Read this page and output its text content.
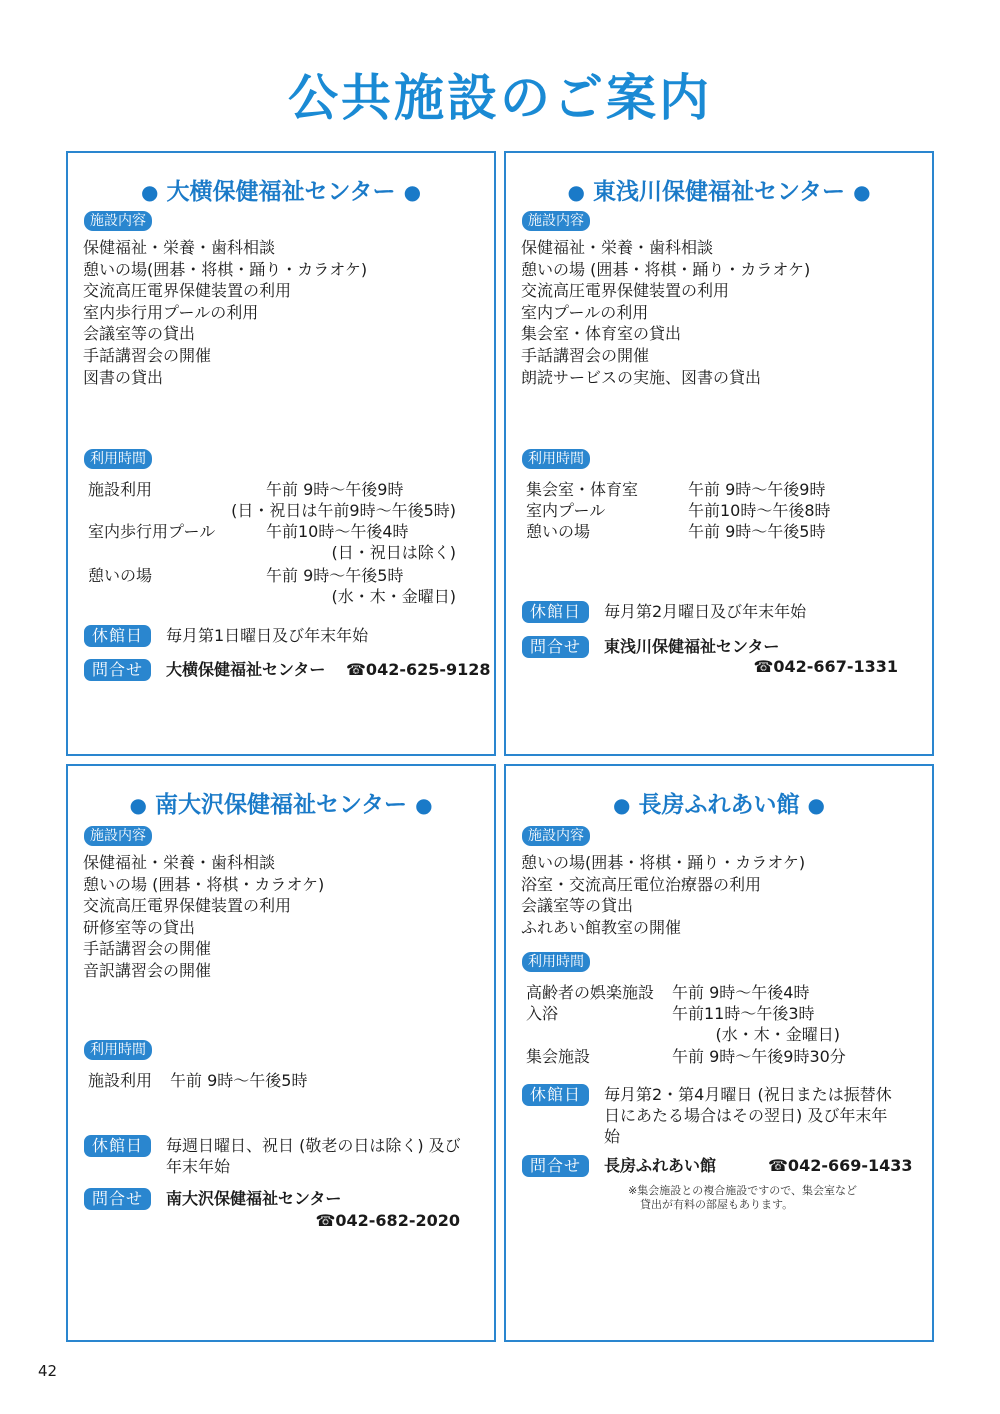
公共施設のご案内
● 大横保健福祉センター ●
施設内容
保健福祉・栄養・歯科相談
憩いの場(囲碁・将棋・踊り・カラオケ)
交流高圧電界保健装置の利用
室内歩行用プールの利用
会議室等の貸出
手話講習会の開催
図書の貸出
利用時間
施設利用	午前 9時〜午後9時
(日・祝日は午前9時〜午後5時)
室内歩行用プール	午前10時〜午後4時
(日・祝日は除く)
憩いの場	午前 9時〜午後5時
(水・木・金曜日)
休館日	毎月第1日曜日及び年末年始
問合せ	大横保健福祉センター ☎042-625-9128
● 東浅川保健福祉センター ●
施設内容
保健福祉・栄養・歯科相談
憩いの場 (囲碁・将棋・踊り・カラオケ)
交流高圧電界保健装置の利用
室内プールの利用
集会室・体育室の貸出
手話講習会の開催
朗読サービスの実施、図書の貸出
利用時間
集会室・体育室	午前 9時〜午後9時
室内プール	午前10時〜午後8時
憩いの場	午前 9時〜午後5時
休館日	毎月第2月曜日及び年末年始
問合せ	東浅川保健福祉センター
☎042-667-1331
● 南大沢保健福祉センター ●
施設内容
保健福祉・栄養・歯科相談
憩いの場 (囲碁・将棋・カラオケ)
交流高圧電界保健装置の利用
研修室等の貸出
手話講習会の開催
音訳講習会の開催
利用時間
施設利用 午前 9時〜午後5時
休館日	毎週日曜日、祝日 (敬老の日は除く) 及び
年末年始
問合せ	南大沢保健福祉センター
☎042-682-2020
● 長房ふれあい館 ●
施設内容
憩いの場(囲碁・将棋・踊り・カラオケ)
浴室・交流高圧電位治療器の利用
会議室等の貸出
ふれあい館教室の開催
利用時間
高齢者の娯楽施設 午前 9時〜午後4時
入浴	午前11時〜午後3時
(水・木・金曜日)
集会施設	午前 9時〜午後9時30分
休館日	毎月第2・第4月曜日 (祝日または振替休
日にあたる場合はその翌日) 及び年末年
始
問合せ	長房ふれあい館	☎042-669-1433
※集会施設との複合施設ですので、集会室など
貸出が有料の部屋もあります。
42
